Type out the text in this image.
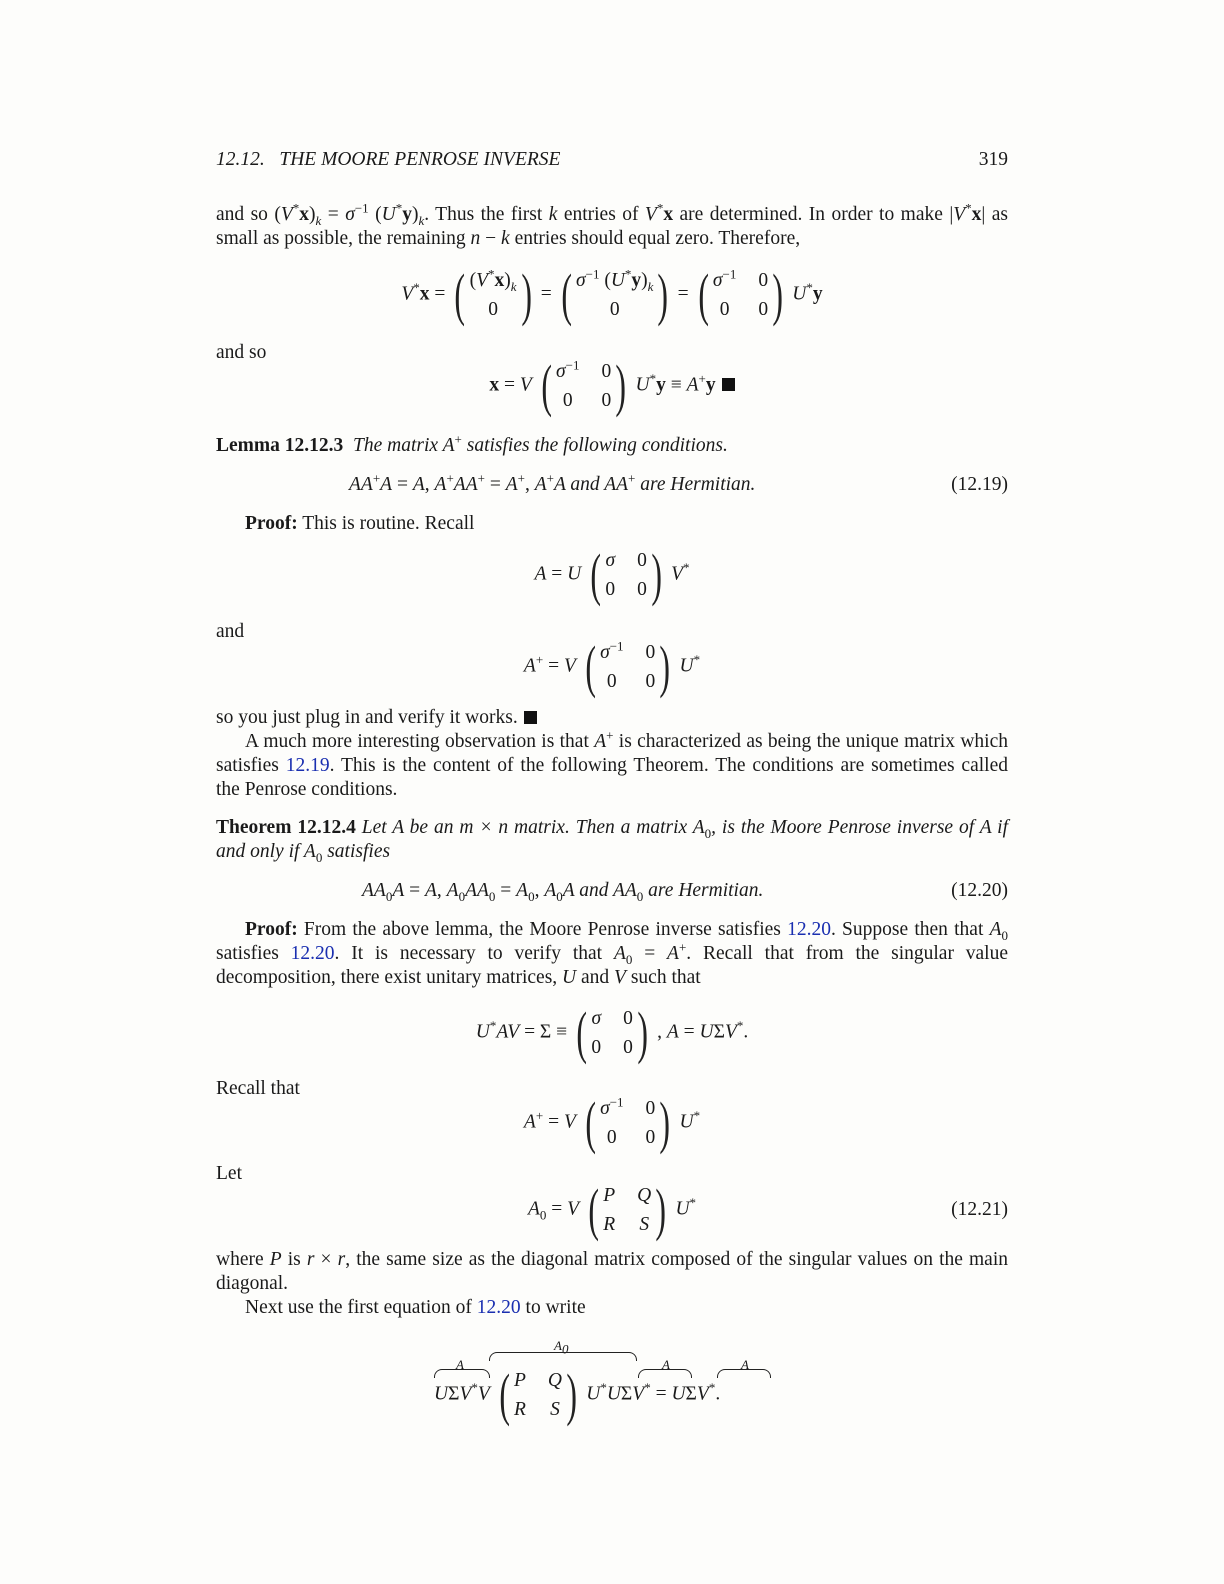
12.12.   THE MOORE PENROSE INVERSE	319
and so $(V^*x)_k = \sigma^{-1}$ $(U^*y)_k$. Thus the first k entries of V*x are determined. In order to make |V*x| as small as possible, the remaining n − k entries should equal zero. Therefore,
V*x = ( $(V^*x)_k$
0 ) = ( $\sigma^{-1}$ $(U^*y)_k$
0 ) = ( $\sigma^{-1}$ 0
0	0 ) U*y
and so
x = V ( $\sigma^{-1}$ 0
0	0 ) U*y ≡ A+y
Lemma 12.12.3  The matrix A+ satisfies the following conditions.
AA+A = A, A+AA+ = A+, A+A and AA+ are Hermitian.	(12.19)
Proof: This is routine. Recall
A = U ( σ 0
0 0 ) V*
and
A+ = V ( $\sigma^{-1}$ 0
0	0 ) U*
so you just plug in and verify it works.
A much more interesting observation is that A+ is characterized as being the unique matrix which satisfies 12.19. This is the content of the following Theorem. The conditions are sometimes called the Penrose conditions.
Theorem 12.12.4 Let A be an m × n matrix. Then a matrix $A_0$, is the Moore Penrose inverse of A if and only if $A_0$ satisfies
$AA_0A = A$, $A_0AA_0 = A_0$, $A_0A$ and $AA_0$ are Hermitian.	(12.20)
Proof: From the above lemma, the Moore Penrose inverse satisfies 12.20. Suppose then that $A_0$ satisfies 12.20. It is necessary to verify that $A_0 = A^+$. Recall that from the singular value decomposition, there exist unitary matrices, U and V such that
U*AV = Σ ≡ ( σ 0
0 0 ) , A = UΣV*.
Recall that
A+ = V ( $\sigma^{-1}$ 0
0	0 ) U*
Let
$A_0 = V$ ( P Q
R S ) U*	(12.21)
where P is r × r, the same size as the diagonal matrix composed of the singular values on the main diagonal.
Next use the first equation of 12.20 to write
A
$A_0$
A	A
UΣV*V ( P Q
R S ) U*UΣV* = UΣV*.
